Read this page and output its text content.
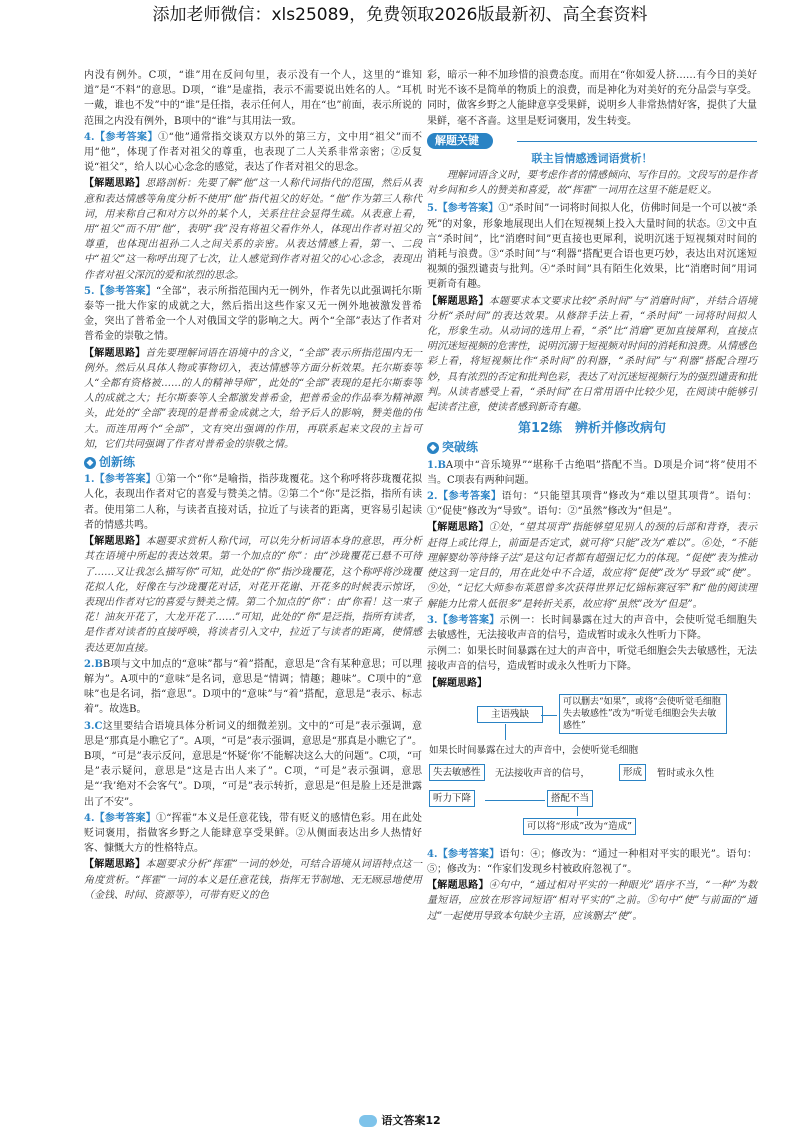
添加老师微信：xls25089，免费领取2026版最新初、高全套资料

内没有例外。C项，“谁”用在反问句里，表示没有一个人，这里的“谁知道”是“不料”的意思。D项，“谁”是虚指，表示不需要说出姓名的人。“耳机一戴，谁也不发”中的“谁”是任指，表示任何人，用在“也”前面，表示所说的范围之内没有例外，B项中的“谁”与其用法一致。

4.【参考答案】①“他”通常指交谈双方以外的第三方，文中用“祖父”而不用“他”，体现了作者对祖父的尊重，也表现了二人关系非常亲密；②反复说“祖父”，给人以心心念念的感觉，表达了作者对祖父的思念。

【解题思路】思路剖析：先要了解“他”这一人称代词指代的范围，然后从表意和表达情感等角度分析不使用“他”指代祖父的好处。“他”作为第三人称代词，用来称自己和对方以外的某个人，关系往往会显得生疏。从表意上看，用“祖父”而不用“他”，表明“我”没有将祖父看作外人，体现出作者对祖父的尊重，也体现出祖孙二人之间关系的亲密。从表达情感上看，第一、二段中“祖父”这一称呼出现了七次，让人感觉到作者对祖父的心心念念，表现出作者对祖父深沉的爱和浓烈的思念。

5.【参考答案】“全部”，表示所指范围内无一例外，作者先以此强调托尔斯泰等一批大作家的成就之大，然后指出这些作家又无一例外地被激发普希金，突出了普希金一个人对俄国文学的影响之大。两个“全部”表达了作者对普希金的崇敬之情。

【解题思路】首先要理解词语在语境中的含义，“全部”表示所指范围内无一例外。然后从具体人物或事物切入，表达情感等方面分析效果。托尔斯泰等人“全都有资格被……的人的精神导师”，此处的“全部”表现的是托尔斯泰等人的成就之大；托尔斯泰等人全都激发普希金，把普希金的作品奉为精神源头，此处的“全部”表现的是普希金成就之大，给予后人的影响，赞美他的伟大。而连用两个“全部”，文有突出强调的作用，再联系起来文段的主旨可知，它们共同强调了作者对普希金的崇敬之情。

◆ 创新练

1.【参考答案】①第一个“你”是喻指，指莎珑覆花。这个称呼将莎珑覆花拟人化，表现出作者对它的喜爱与赞美之情。②第二个“你”是泛指，指所有读者。使用第二人称，与读者直接对话，拉近了与读者的距离，更容易引起读者的情感共鸣。

【解题思路】本题要求赏析人称代词，可以先分析词语本身的意思，再分析其在语境中所起的表达效果。第一个加点的“你”：由“沙珑覆花已悬不可待了……又让我怎么描写你”可知，此处的“你”指沙珑覆花，这个称呼将沙珑覆花拟人化，好像在与沙珑覆花对话，对花开花谢、开花多的时候表示惊讶，表现出作者对它的喜爱与赞美之情。第二个加点的“你”：由“你看！这一束子花！油灰开花了，大龙开花了……”可知，此处的“你”是泛指，指所有读者，是作者对读者的直接呼唤，将读者引入文中，拉近了与读者的距离，使情感表达更加直接。

2.BB项与文中加点的“意味”都与“着”搭配，意思是“含有某种意思；可以理解为”。A项中的“意味”是名词，意思是“情调；情趣；趣味”。C项中的“意味”也是名词，指“意思”。D项中的“意味”与“着”搭配，意思是“表示、标志着”。故选B。

3.C这里要结合语境具体分析词义的细微差别。文中的“可是”表示强调，意思是“那真是小瞧它了”。A项，“可是”表示强调，意思是“那真是小瞧它了”。B项，“可是”表示反问，意思是“怀疑‘你’不能解决这么大的问题”。C项，“可是”表示疑问，意思是“这是古出人来了”。C项，“可是”表示强调，意思是“‘我’绝对不会客气”。D项，“可是”表示转折，意思是“但是脸上还是泄露出了不安”。

4.【参考答案】①“挥霍”本义是任意花钱，带有贬义的感情色彩。用在此处贬词褒用，指做客乡野之人能肆意享受果鲜。②从侧面表达出乡人热情好客、慷慨大方的性格特点。

【解题思路】本题要求分析“挥霍”一词的妙处，可结合语境从词语特点这一角度赏析。“挥霍”一词的本义是任意花钱，指挥无节制地、无无顾忌地使用（金钱、时间、资源等），可带有贬义的色

彩，暗示一种不加珍惜的浪费态度。而用在“你如爱人挤……有今日的美好时光不该不是简单的物质上的浪费，而是神化为对美好的充分品尝与享受。同时，做客乡野之人能肆意享受果鲜，说明乡人非常热情好客，提供了大量果鲜，毫不吝啬。这里是贬词褒用，发生转变。

解题关键
联主旨情感透词语赏析！

理解词语含义时，要考虑作者的情感倾向、写作目的。文段写的是作者对乡间和乡人的赞美和喜爱，故“挥霍”一词用在这里不能是贬义。

5.【参考答案】①“杀时间”一词将时间拟人化，仿佛时间是一个可以被“杀死”的对象，形象地展现出人们在短视频上投入大量时间的状态。②文中直言“杀时间”，比“消磨时间”更直接也更犀利，说明沉迷于短视频对时间的消耗与浪费。③“杀时间”与“利器”搭配更合语也更巧妙，表达出对沉迷短视频的强烈谴责与批判。④“杀时间”具有陌生化效果，比“消磨时间”用词更新奇有趣。

【解题思路】本题要求本文要求比较“杀时间”与“消磨时间”，并结合语境分析“杀时间”的表达效果。从修辞手法上看，“杀时间”一词将时间拟人化，形象生动。从动词的选用上看，“杀”比“消磨”更加直接犀利，直接点明沉迷短视频的危害性，说明沉溺于短视频对时间的消耗和浪费。从情感色彩上看，将短视频比作“杀时间”的利器，“杀时间”与“利器”搭配合理巧妙，具有浓烈的否定和批判色彩，表达了对沉迷短视频行为的强烈谴责和批判。从读者感受上看，“杀时间”在日常用语中比较少见，在阅读中能够引起读者注意，使读者感到新奇有趣。

第12练　辨析并修改病句
◆ 突破练

1.BA项中“音乐境界”“堪称千古绝唱”搭配不当。D项是介词“将”使用不当。C项表有两种问题。

2.【参考答案】语句：“只能望其项背”修改为“难以望其项背”。语句：①“促使”修改为“导致”。语句：②“虽然”修改为“但是”。

【解题思路】①处，“望其项背”指能够望见别人的颈的后部和背脊，表示赶得上或比得上，前面是否定式，就可将“只能”改为“难以”。⑥处，“不能理解婴幼等待锋子法”是这句记者都有超强记忆力的体现。“促使”表为推动使这到一定目的，用在此处中不合适，故应将“促使”改为“导致”或“使”。⑨处，“记忆大师参布莱恩曾多次获得世界记忆锦标赛冠军”和“他的阅读理解能力比常人低很多”是转折关系，故应将“虽然”改为“但是”。

3.【参考答案】示例一：长时间暴露在过大的声音中，会使听觉毛细胞失去敏感性，无法接收声音的信号，造成暂时或永久性听力下降。

示例二：如果长时间暴露在过大的声音中，听觉毛细胞会失去敏感性，无法接收声音的信号，造成暂时或永久性听力下降。

【解题思路】

主语残缺
可以删去“如果”，或将“会使听觉毛细胞失去敏感性”改为“听觉毛细胞会失去敏感性”
如果长时间暴露在过大的声音中，会使听觉毛细胞
失去敏感性	无法接收声音的信号，	形成	暂时或永久性
听力下降	搭配不当
可以将“形成”改为“造成”

4.【参考答案】语句：④；修改为：“通过一种相对平实的眼光”。语句：⑤；修改为：“作家们发现乡村被政府忽视了”。

【解题思路】④句中，“通过相对平实的一种眼光”语序不当，“一种”为数量短语，应放在形容词短语“相对平实的”之前。⑤句中“使”与前面的“通过”一起使用导致本句缺少主语，应该删去“使”。

语文答案12
